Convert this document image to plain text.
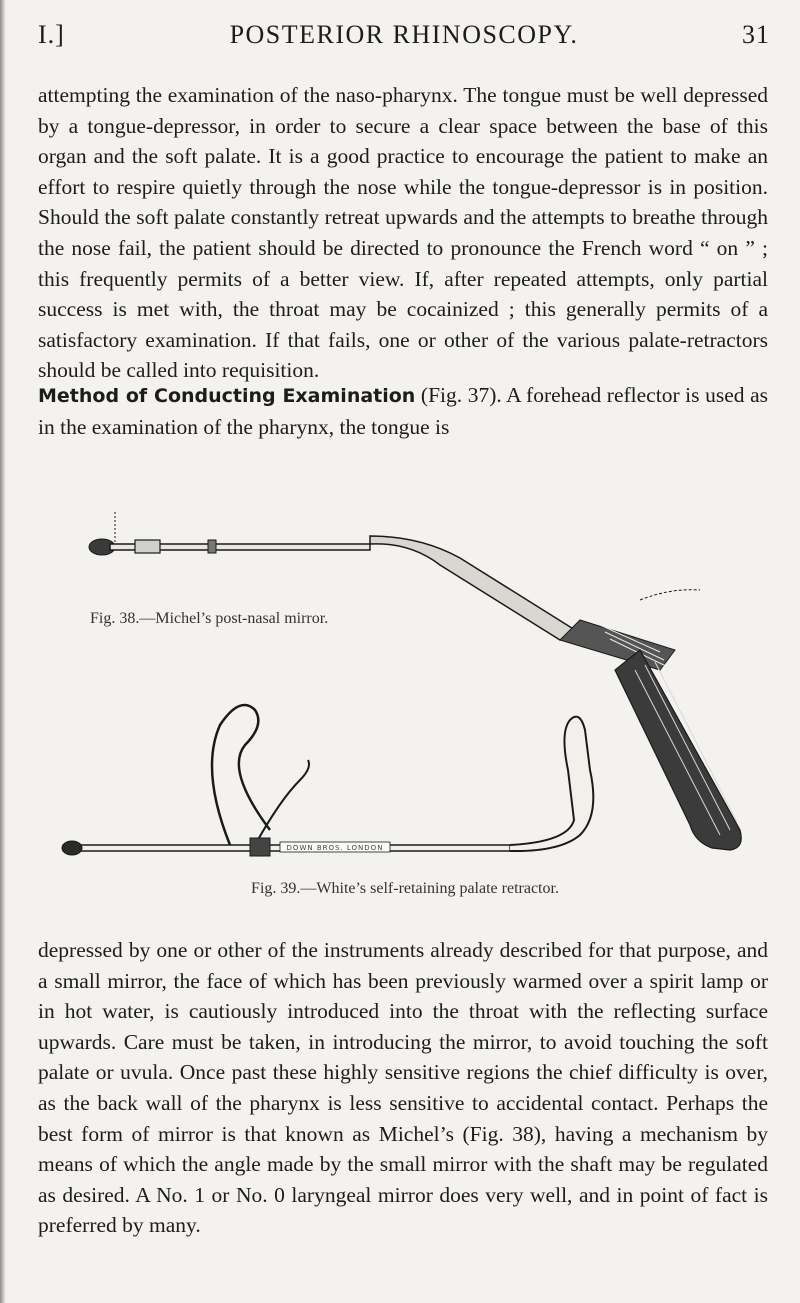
I.]	POSTERIOR RHINOSCOPY.	31

attempting the examination of the naso-pharynx. The tongue must be well depressed by a tongue-depressor, in order to secure a clear space between the base of this organ and the soft palate. It is a good practice to encourage the patient to make an effort to respire quietly through the nose while the tongue-depressor is in position. Should the soft palate constantly retreat upwards and the attempts to breathe through the nose fail, the patient should be directed to pronounce the French word “ on ” ; this frequently permits of a better view. If, after repeated attempts, only partial success is met with, the throat may be cocainized ; this generally permits of a satisfactory examination. If that fails, one or other of the various palate-retractors should be called into requisition.

Method of Conducting Examination (Fig. 37). A forehead reflector is used as in the examination of the pharynx, the tongue is

DOWN BROS. LONDON
Fig. 38.—Michel’s post-nasal mirror.
Fig. 39.—White’s self-retaining palate retractor.

depressed by one or other of the instruments already described for that purpose, and a small mirror, the face of which has been previously warmed over a spirit lamp or in hot water, is cautiously introduced into the throat with the reflecting surface upwards. Care must be taken, in introducing the mirror, to avoid touching the soft palate or uvula. Once past these highly sensitive regions the chief difficulty is over, as the back wall of the pharynx is less sensitive to accidental contact. Perhaps the best form of mirror is that known as Michel’s (Fig. 38), having a mechanism by means of which the angle made by the small mirror with the shaft may be regulated as desired. A No. 1 or No. 0 laryngeal mirror does very well, and in point of fact is preferred by many.
